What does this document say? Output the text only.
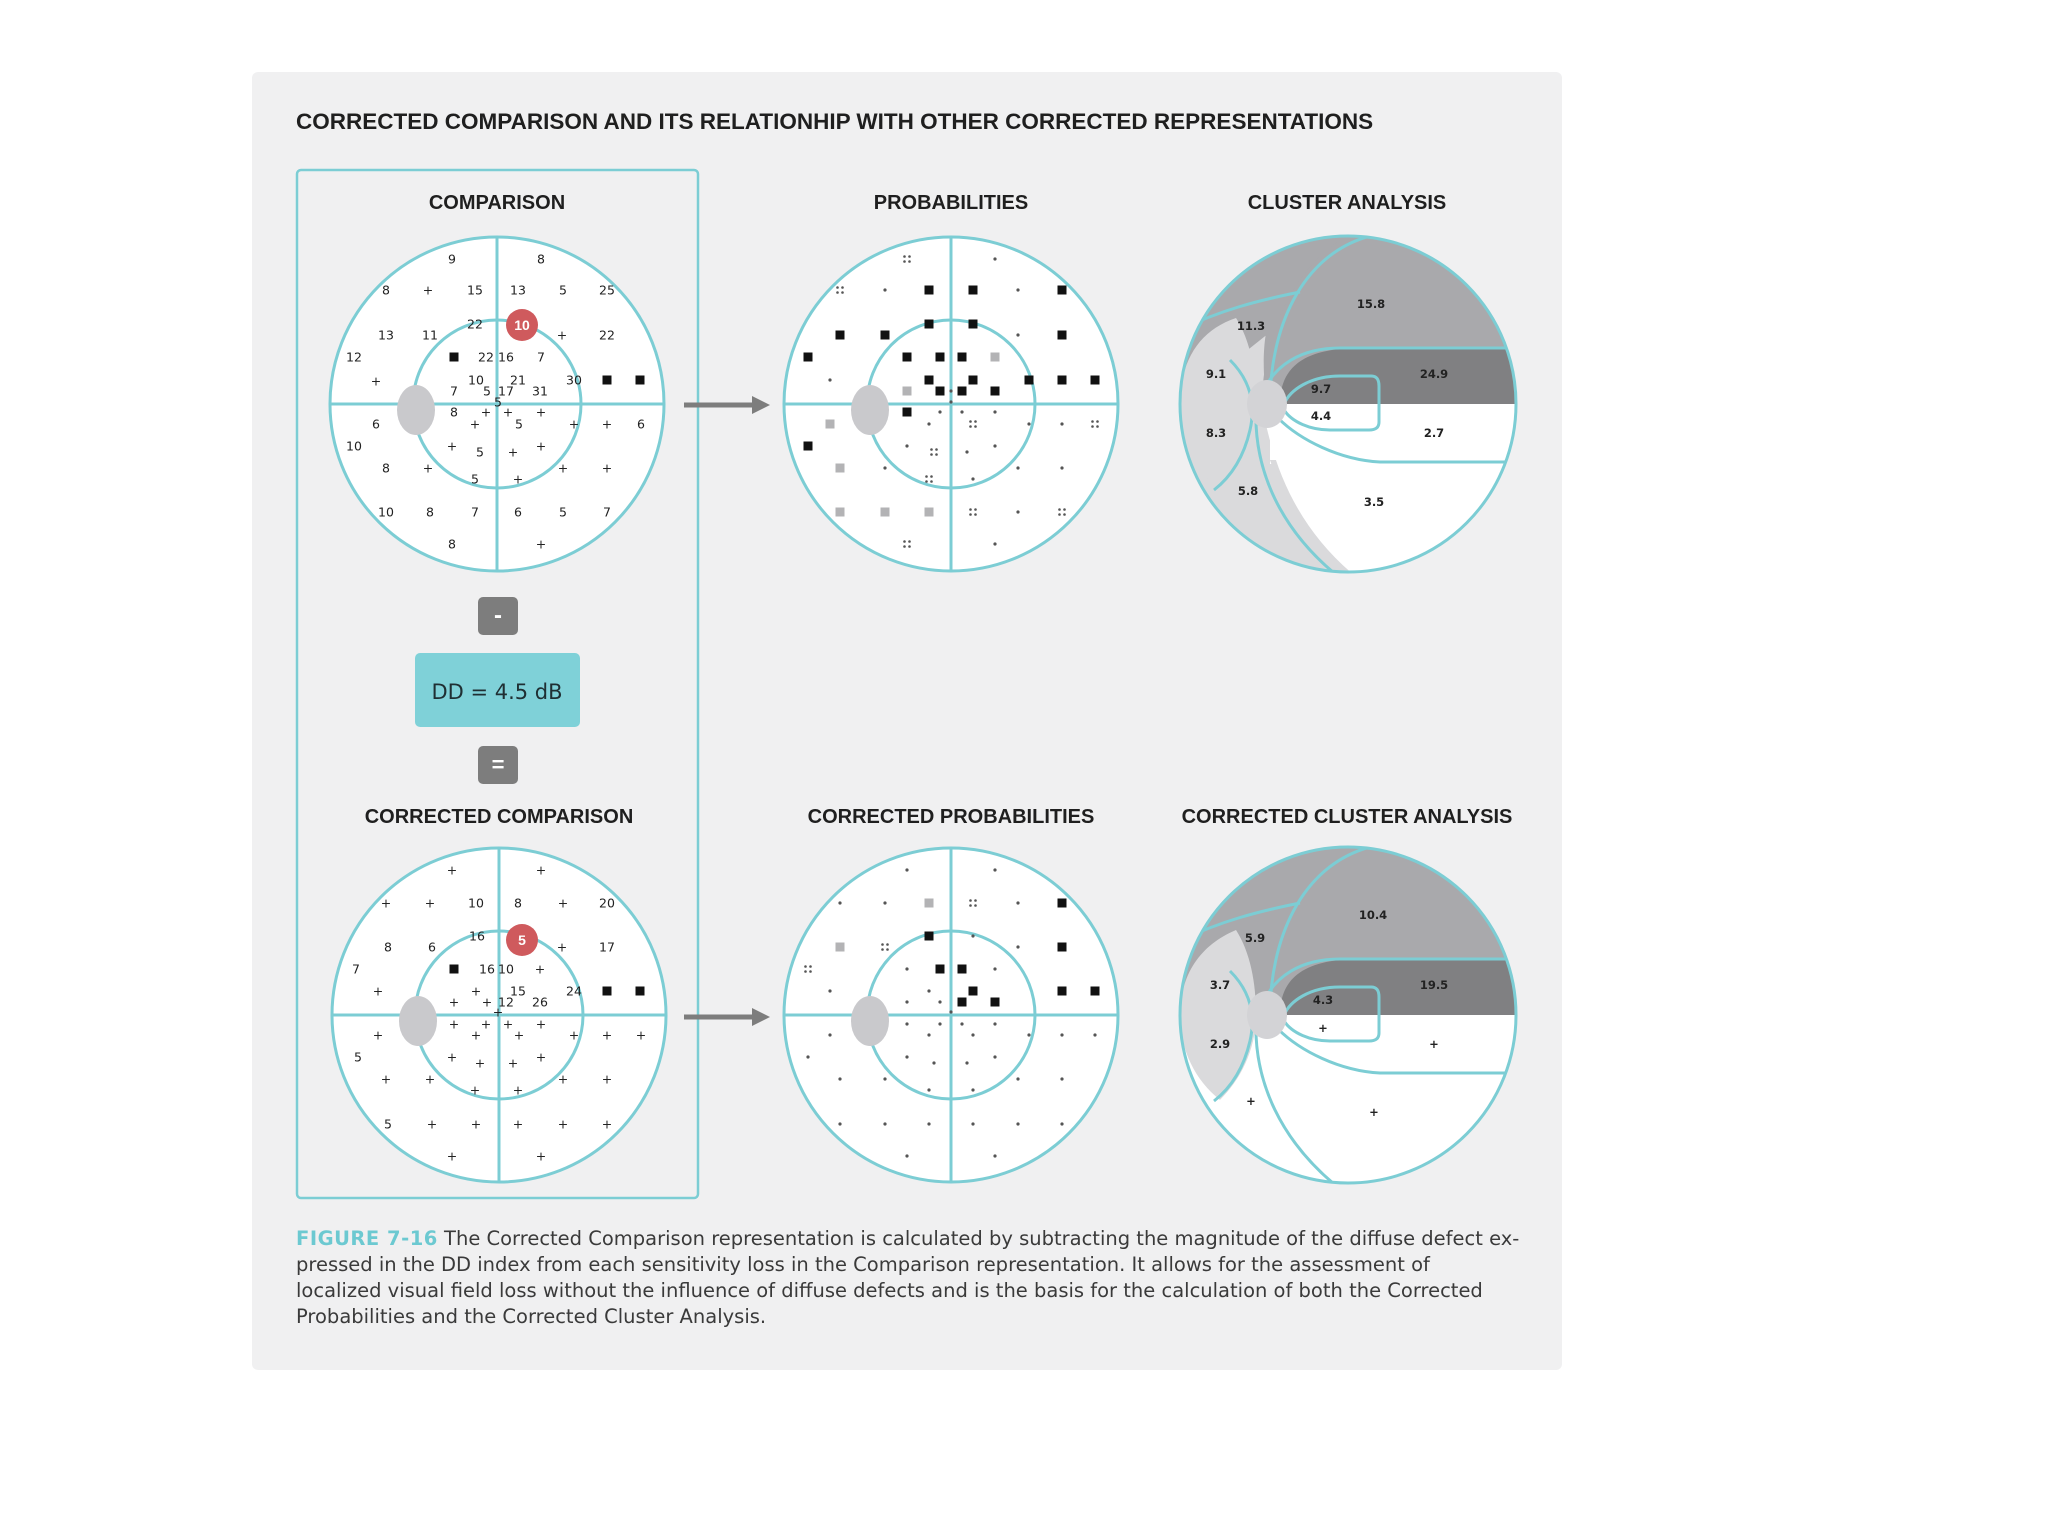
CORRECTED COMPARISON AND ITS RELATIONHIP WITH OTHER CORRECTED REPRESENTATIONS
COMPARISON	PROBABILITIES	CLUSTER ANALYSIS
CORRECTED COMPARISON	CORRECTED PROBABILITIES	CORRECTED CLUSTER ANALYSIS
9	8
8	+	15 13	5	25
13 11
22
+	22
12	22 16 7
+	10 21	30
7 5 17 31
5
8 + + +
6	+	5	+ + 6
10	+	+
5 +
8	+
5	+
+	+
10	8	7	6	5	7
8	+
10
-
DD = 4.5 dB
=
+	+
+	+	10 8	+ 20
8	6
16
+	17
7	16 10 +
+	+ 15	24
+ + 12 26
+
+ + + +
+	+	+	+ + +
5	+	+
+ +
+	+
+	+
+	+
5	+	+	+	+	+
+	+
5
15.8
11.3
9.1	24.9
9.7
4.4
8.3	2.7
5.8
3.5
10.4
5.9
3.7	19.5
4.3
+
2.9	+
+
+

FIGURE 7-16 The Corrected Comparison representation is calculated by subtracting the magnitude of the diffuse defect ex-pressed in the DD index from each sensitivity loss in the Comparison representation. It allows for the assessment of localized visual field loss without the influence of diffuse defects and is the basis for the calculation of both the Corrected Probabilities and the Corrected Cluster Analysis.
